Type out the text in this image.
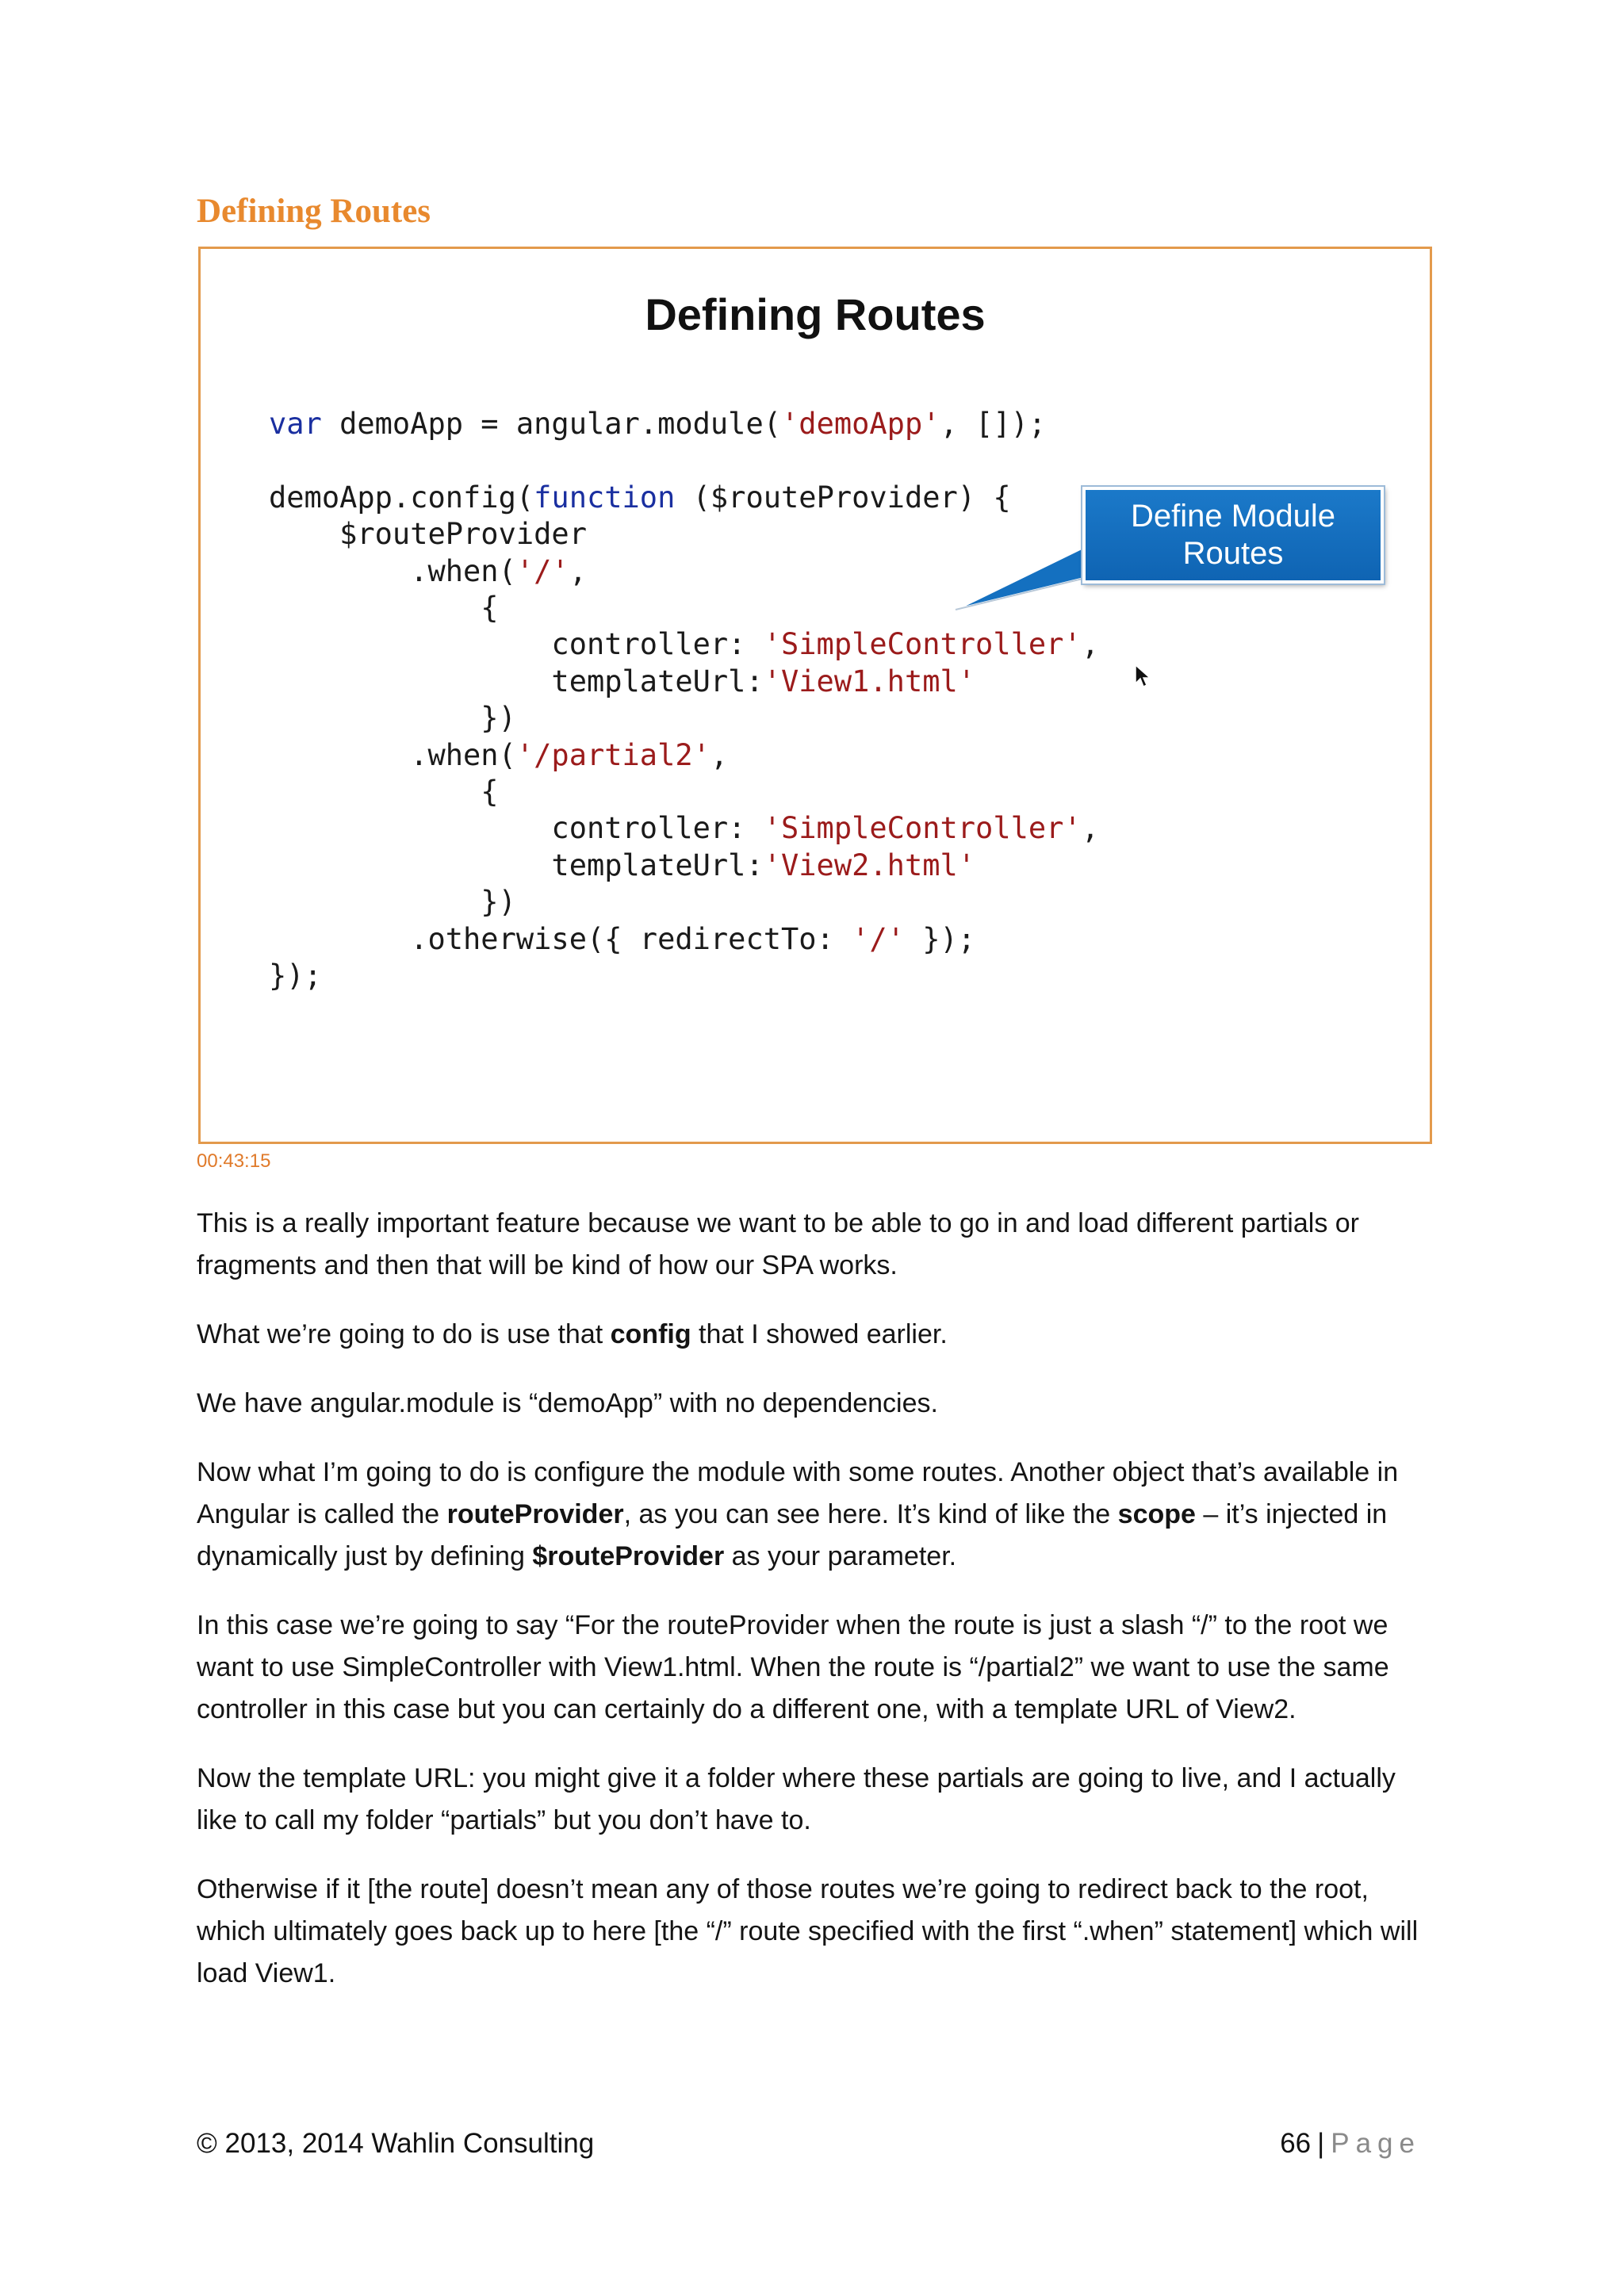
Defining Routes
Defining Routes
var demoApp = angular.module('demoApp', []);

demoApp.config(function ($routeProvider) {
$routeProvider
.when('/',
{
controller: 'SimpleController',
templateUrl:'View1.html'
})
.when('/partial2',
{
controller: 'SimpleController',
templateUrl:'View2.html'
})
.otherwise({ redirectTo: '/' });
});
Define Module Routes
00:43:15

This is a really important feature because we want to be able to go in and load different partials or fragments and then that will be kind of how our SPA works.

What we’re going to do is use that config that I showed earlier.

We have angular.module is “demoApp” with no dependencies.

Now what I’m going to do is configure the module with some routes. Another object that’s available in Angular is called the routeProvider, as you can see here. It’s kind of like the scope – it’s injected in dynamically just by defining $routeProvider as your parameter.

In this case we’re going to say “For the routeProvider when the route is just a slash “/” to the root we want to use SimpleController with View1.html. When the route is “/partial2” we want to use the same controller in this case but you can certainly do a different one, with a template URL of View2.

Now the template URL: you might give it a folder where these partials are going to live, and I actually like to call my folder “partials” but you don’t have to.

Otherwise if it [the route] doesn’t mean any of those routes we’re going to redirect back to the root, which ultimately goes back up to here [the “/” route specified with the first “.when” statement] which will load View1.

© 2013, 2014 Wahlin Consulting	66 | Page
